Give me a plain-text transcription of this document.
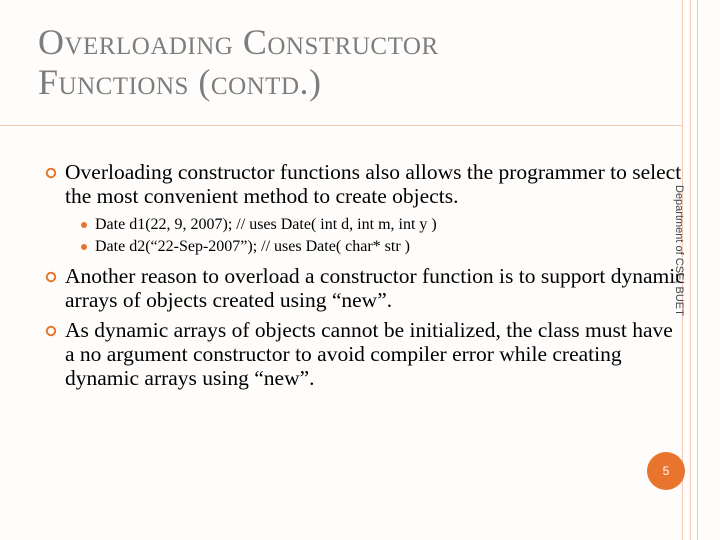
Overloading Constructor
Functions (contd.)
Overloading constructor functions also allows the programmer to select the most convenient method to create objects.
Date d1(22, 9, 2007); // uses Date( int d, int m, int y )
Date d2(“22-Sep-2007”); // uses Date( char* str )
Another reason to overload a constructor function is to support dynamic arrays of objects created using “new”.
As dynamic arrays of objects cannot be initialized, the class must have a no argument constructor to avoid compiler error while creating dynamic arrays using “new”.
Department of CSE, BUET
5
